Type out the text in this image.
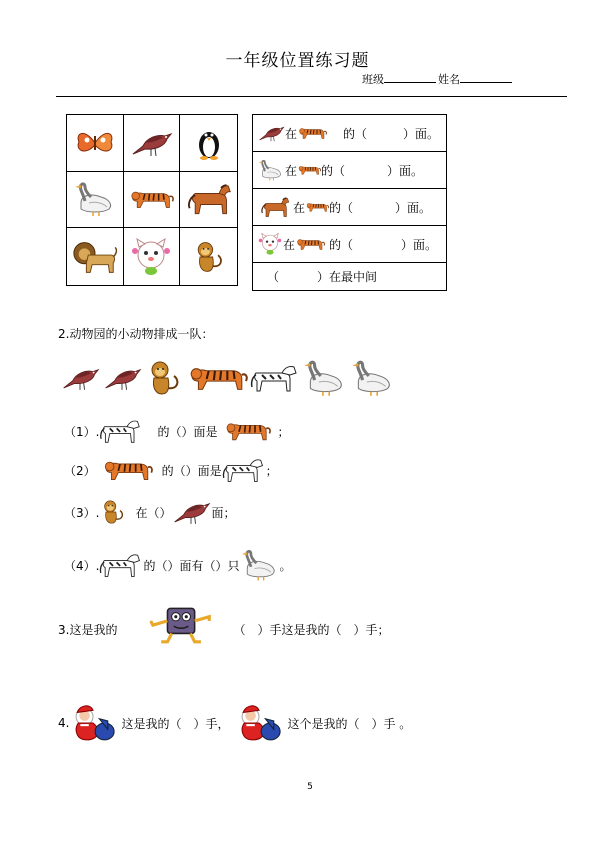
一年级位置练习题
班级	姓名
在	的（	）面。
在 的（	）面。
在 的（	）面。
在	的（	）面。
（	）在最中间
2.动物园的小动物排成一队：
（1）.	的（ ）面是	；
（2）	的（ ）面是	；
（3）.	在（ ）	面；
（4）.	的（ ）面有（ ）只	。
3.这是我的	（　）手这是我的（　）手；
4.	这是我的（　）手，	这个是我的（　）手 。
5
